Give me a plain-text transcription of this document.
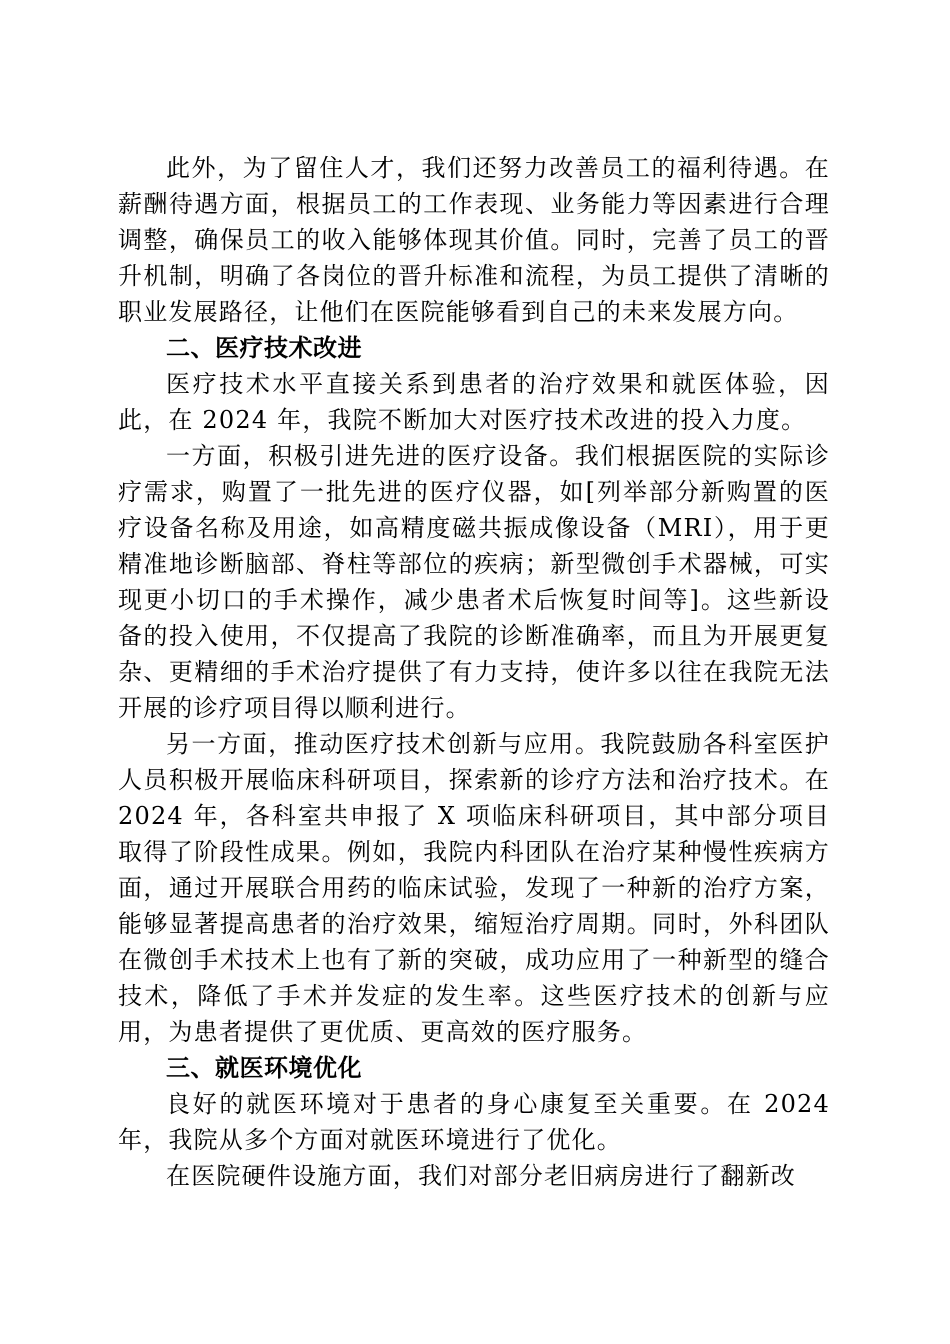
此外，为了留住人才，我们还努力改善员工的福利待遇。在薪酬待遇方面，根据员工的工作表现、业务能力等因素进行合理调整，确保员工的收入能够体现其价值。同时，完善了员工的晋升机制，明确了各岗位的晋升标准和流程，为员工提供了清晰的职业发展路径，让他们在医院能够看到自己的未来发展方向。

二、医疗技术改进

医疗技术水平直接关系到患者的治疗效果和就医体验，因此，在 2024 年，我院不断加大对医疗技术改进的投入力度。

一方面，积极引进先进的医疗设备。我们根据医院的实际诊疗需求，购置了一批先进的医疗仪器，如[列举部分新购置的医疗设备名称及用途，如高精度磁共振成像设备（MRI），用于更精准地诊断脑部、脊柱等部位的疾病；新型微创手术器械，可实现更小切口的手术操作，减少患者术后恢复时间等]。这些新设备的投入使用，不仅提高了我院的诊断准确率，而且为开展更复杂、更精细的手术治疗提供了有力支持，使许多以往在我院无法开展的诊疗项目得以顺利进行。

另一方面，推动医疗技术创新与应用。我院鼓励各科室医护人员积极开展临床科研项目，探索新的诊疗方法和治疗技术。在 2024 年，各科室共申报了 X 项临床科研项目，其中部分项目取得了阶段性成果。例如，我院内科团队在治疗某种慢性疾病方面，通过开展联合用药的临床试验，发现了一种新的治疗方案，能够显著提高患者的治疗效果，缩短治疗周期。同时，外科团队在微创手术技术上也有了新的突破，成功应用了一种新型的缝合技术，降低了手术并发症的发生率。这些医疗技术的创新与应用，为患者提供了更优质、更高效的医疗服务。

三、就医环境优化

良好的就医环境对于患者的身心康复至关重要。在 2024 年，我院从多个方面对就医环境进行了优化。

在医院硬件设施方面，我们对部分老旧病房进行了翻新改
